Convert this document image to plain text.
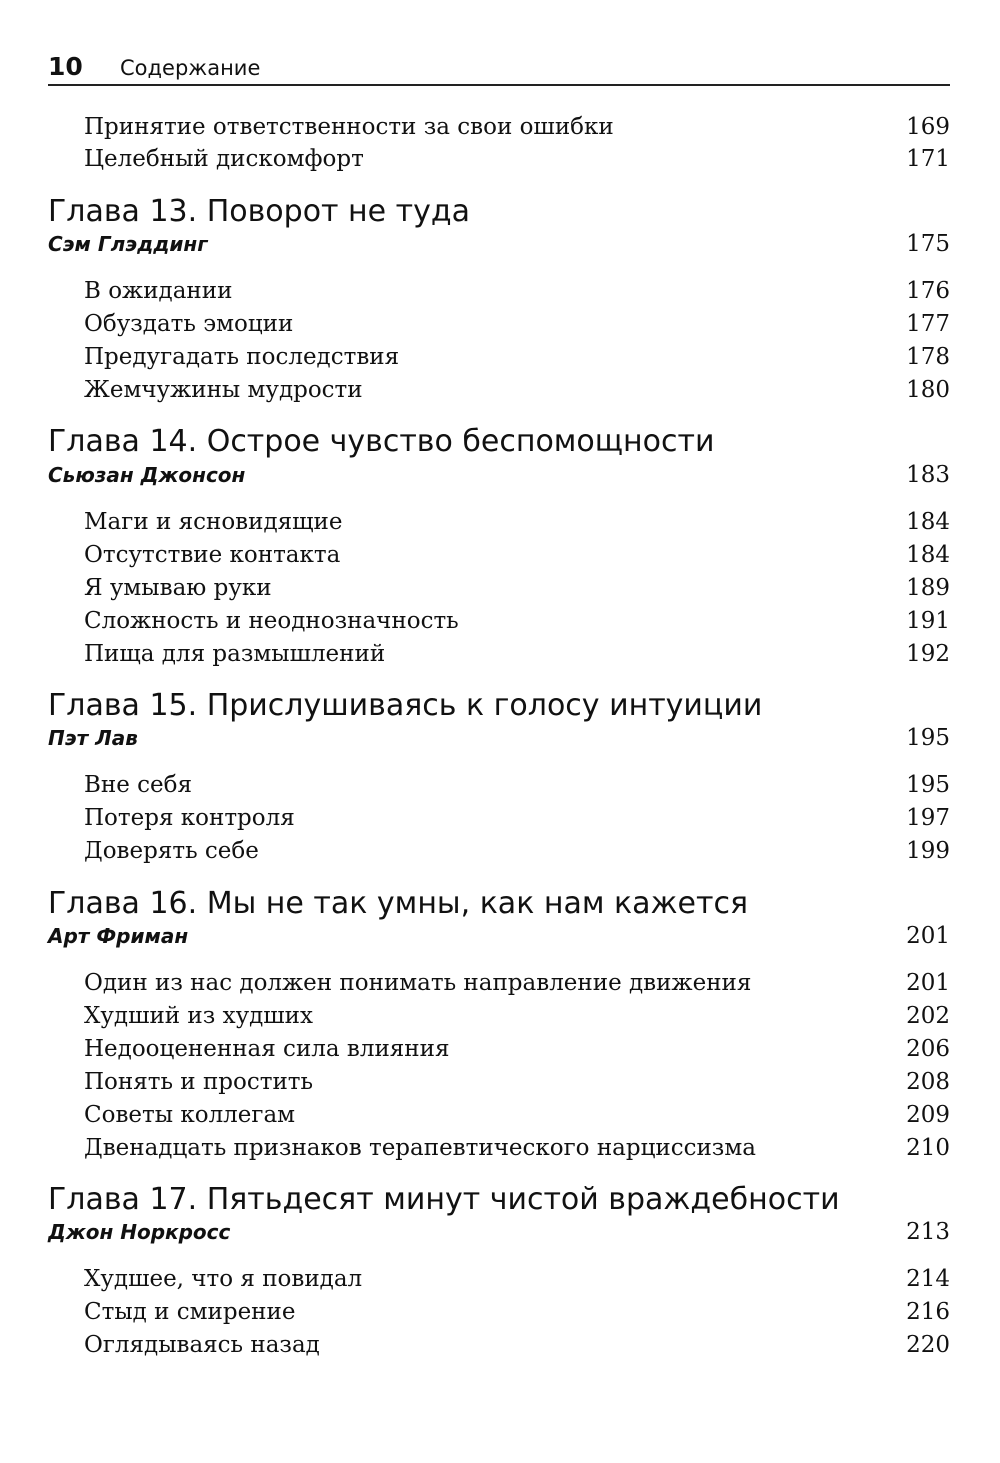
10 Содержание
Принятие ответственности за свои ошибки	169
Целебный дискомфорт	171
Глава 13. Поворот не туда
Сэм Глэддинг	175
В ожидании	176
Обуздать эмоции	177
Предугадать последствия	178
Жемчужины мудрости	180
Глава 14. Острое чувство беспомощности
Сьюзан Джонсон	183
Маги и ясновидящие	184
Отсутствие контакта	184
Я умываю руки	189
Сложность и неоднозначность	191
Пища для размышлений	192
Глава 15. Прислушиваясь к голосу интуиции
Пэт Лав	195
Вне себя	195
Потеря контроля	197
Доверять себе	199
Глава 16. Мы не так умны, как нам кажется
Арт Фриман	201
Один из нас должен понимать направление движения	201
Худший из худших	202
Недооцененная сила влияния	206
Понять и простить	208
Советы коллегам	209
Двенадцать признаков терапевтического нарциссизма	210
Глава 17. Пятьдесят минут чистой враждебности
Джон Норкросс	213
Худшее, что я повидал	214
Стыд и смирение	216
Оглядываясь назад	220
